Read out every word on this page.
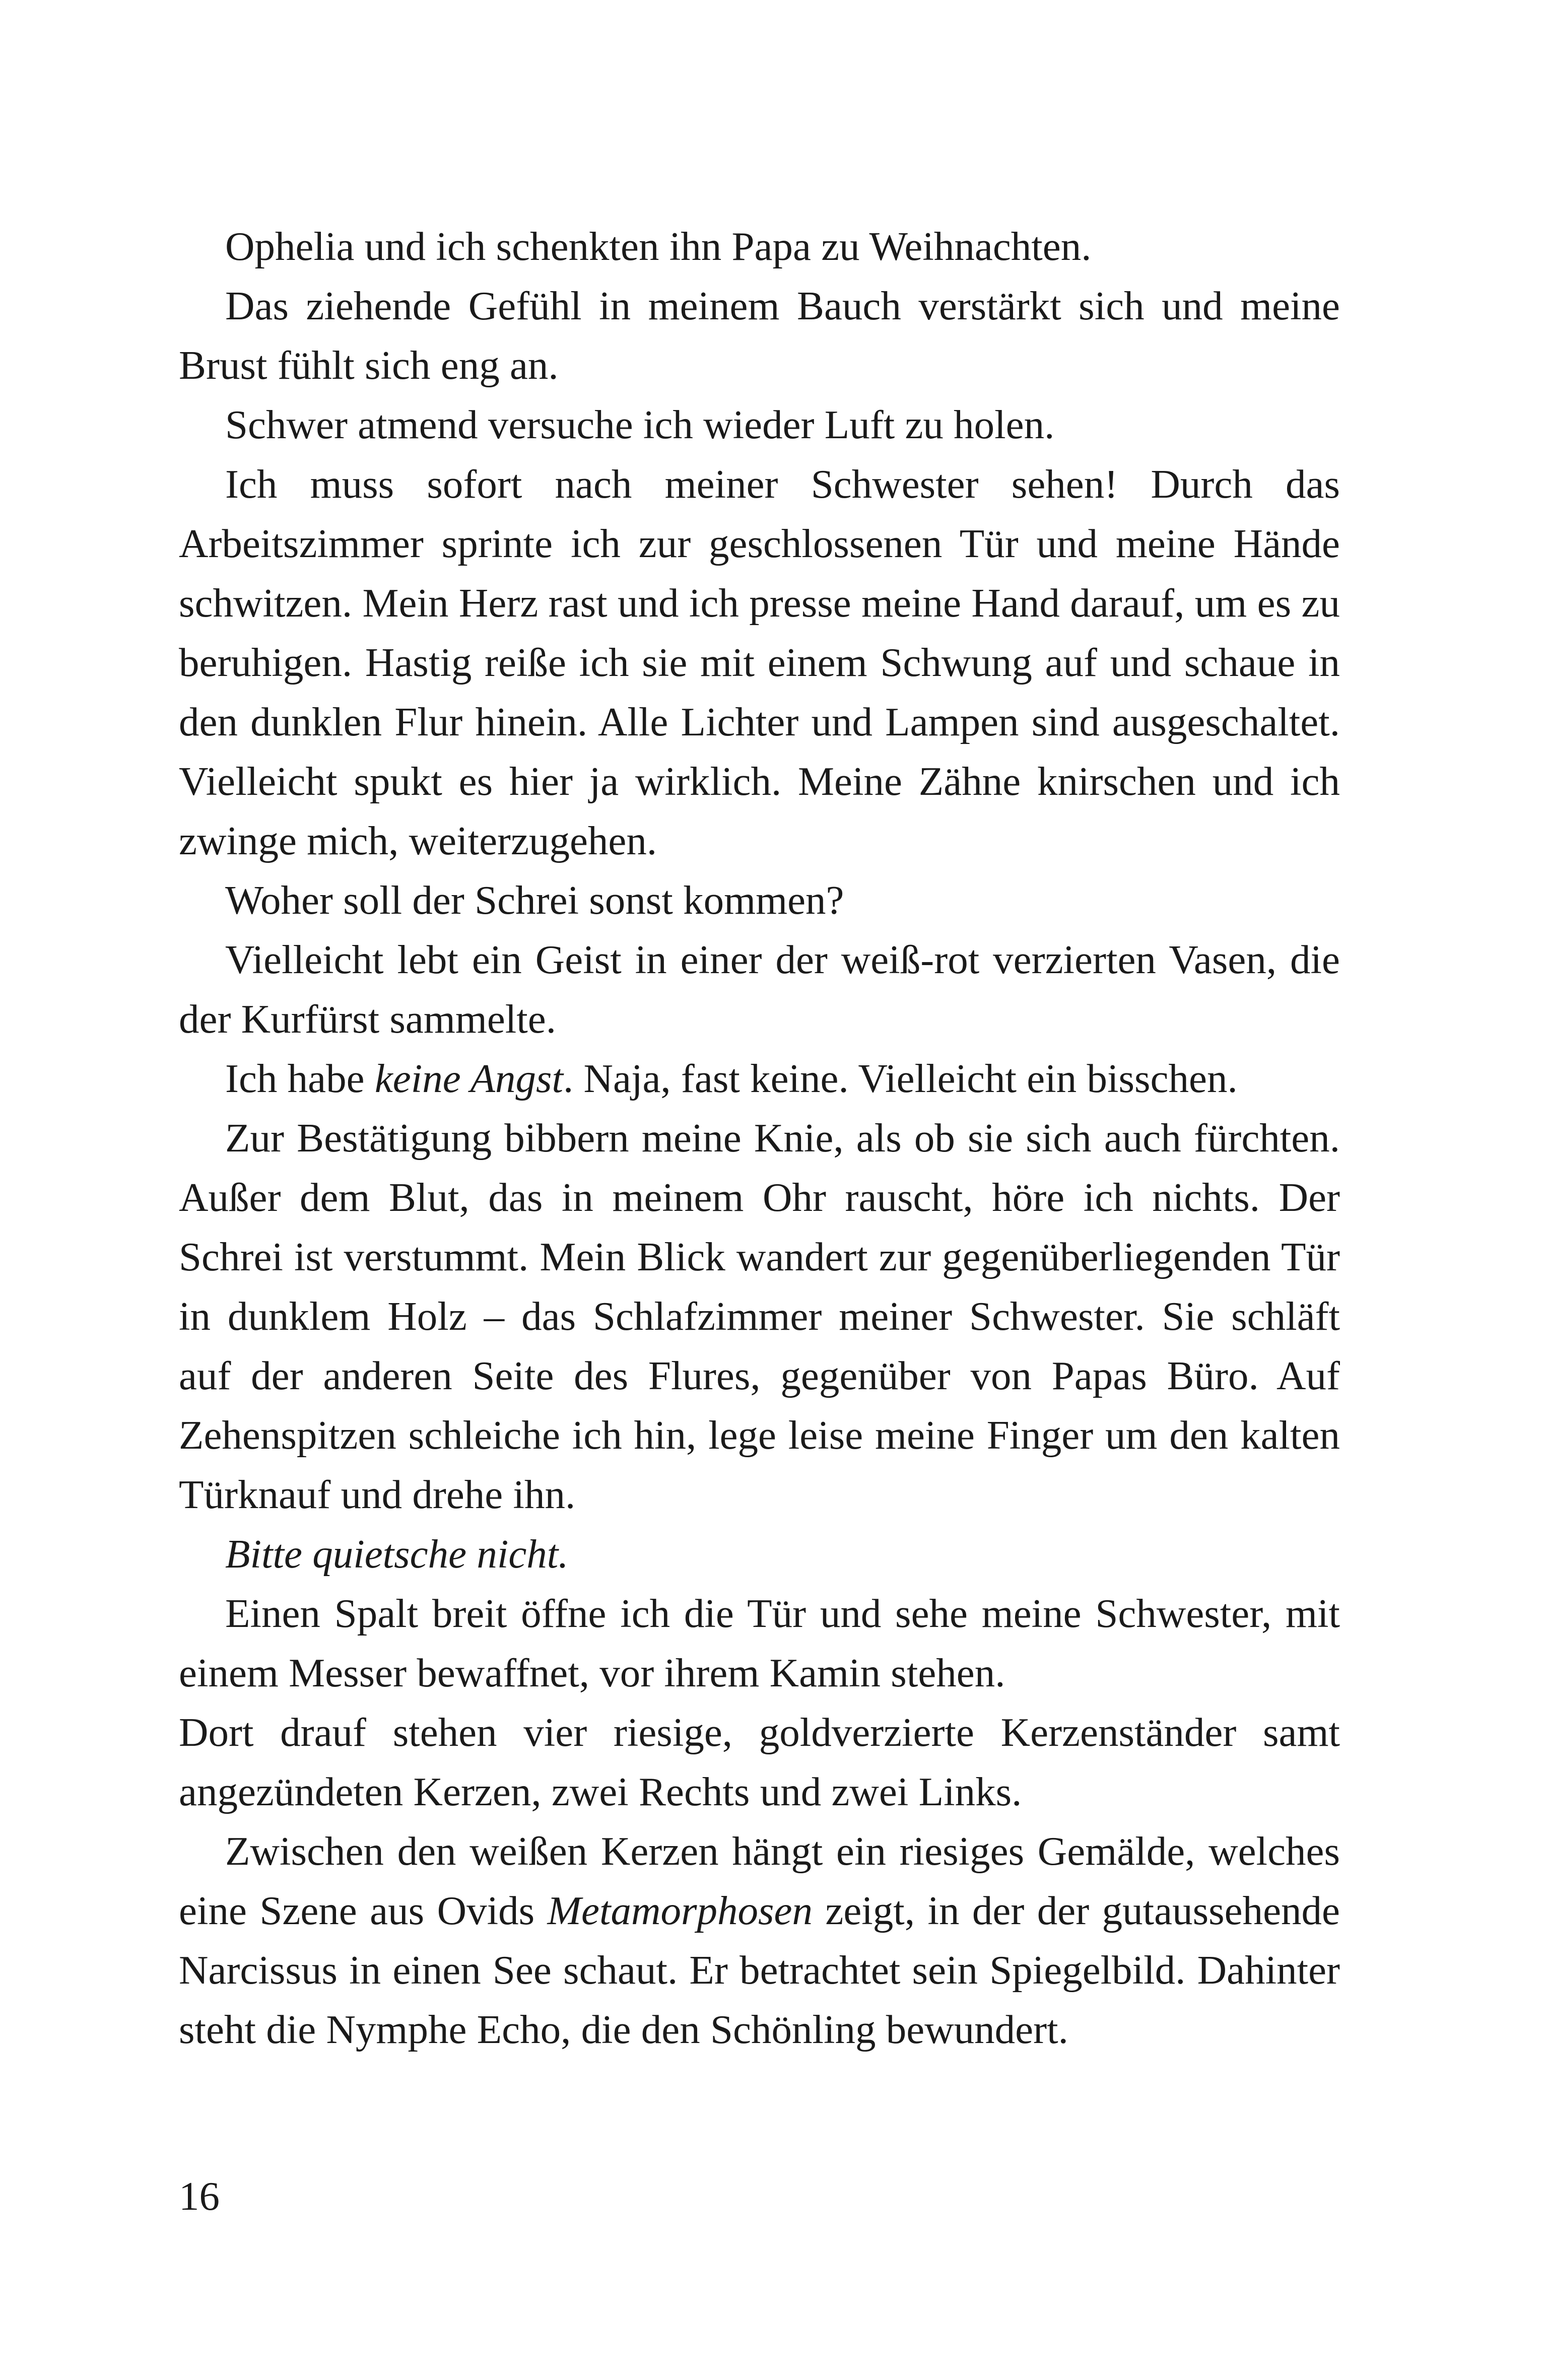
Ophelia und ich schenkten ihn Papa zu Weihnachten.

Das ziehende Gefühl in meinem Bauch verstärkt sich und meine Brust fühlt sich eng an.

Schwer atmend versuche ich wieder Luft zu holen.

Ich muss sofort nach meiner Schwester sehen! Durch das Arbeitszimmer sprinte ich zur geschlossenen Tür und meine Hände schwitzen. Mein Herz rast und ich presse meine Hand darauf, um es zu beruhigen. Hastig reiße ich sie mit einem Schwung auf und schaue in den dunklen Flur hinein. Alle Lichter und Lampen sind ausgeschaltet. Vielleicht spukt es hier ja wirklich. Meine Zähne knirschen und ich zwinge mich, weiterzugehen.

Woher soll der Schrei sonst kommen?

Vielleicht lebt ein Geist in einer der weiß-rot verzierten Vasen, die der Kurfürst sammelte.

Ich habe keine Angst. Naja, fast keine. Vielleicht ein bisschen.

Zur Bestätigung bibbern meine Knie, als ob sie sich auch fürchten. Außer dem Blut, das in meinem Ohr rauscht, höre ich nichts. Der Schrei ist verstummt. Mein Blick wandert zur gegenüberliegenden Tür in dunklem Holz – das Schlafzimmer meiner Schwester. Sie schläft auf der anderen Seite des Flures, gegenüber von Papas Büro. Auf Zehenspitzen schleiche ich hin, lege leise meine Finger um den kalten Türknauf und drehe ihn.

Bitte quietsche nicht.

Einen Spalt breit öffne ich die Tür und sehe meine Schwester, mit einem Messer bewaffnet, vor ihrem Kamin stehen.

Dort drauf stehen vier riesige, goldverzierte Kerzenständer samt angezündeten Kerzen, zwei Rechts und zwei Links.

Zwischen den weißen Kerzen hängt ein riesiges Gemälde, welches eine Szene aus Ovids Metamorphosen zeigt, in der der gutaussehende Narcissus in einen See schaut. Er betrachtet sein Spiegelbild. Dahinter steht die Nymphe Echo, die den Schönling bewundert.

16
